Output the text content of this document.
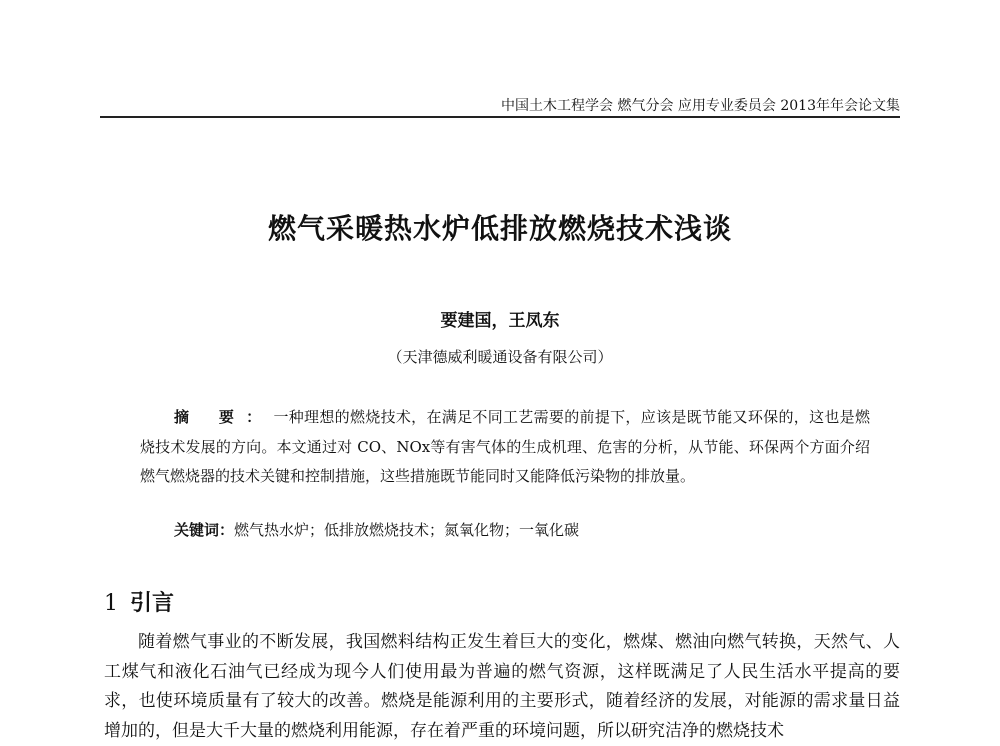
中国土木工程学会 燃气分会 应用专业委员会 2013年年会论文集
燃气采暖热水炉低排放燃烧技术浅谈
要建国，王凤东
（天津德威利暖通设备有限公司）
摘 要：一种理想的燃烧技术，在满足不同工艺需要的前提下，应该是既节能又环保的，这也是燃烧技术发展的方向。本文通过对 CO、NOx等有害气体的生成机理、危害的分析，从节能、环保两个方面介绍燃气燃烧器的技术关键和控制措施，这些措施既节能同时又能降低污染物的排放量。
关键词：燃气热水炉；低排放燃烧技术；氮氧化物；一氧化碳
1 引言
随着燃气事业的不断发展，我国燃料结构正发生着巨大的变化，燃煤、燃油向燃气转换，天然气、人工煤气和液化石油气已经成为现今人们使用最为普遍的燃气资源，这样既满足了人民生活水平提高的要求，也使环境质量有了较大的改善。燃烧是能源利用的主要形式，随着经济的发展，对能源的需求量日益增加的，但是大千大量的燃烧利用能源，存在着严重的环境问题，所以研究洁净的燃烧技术
